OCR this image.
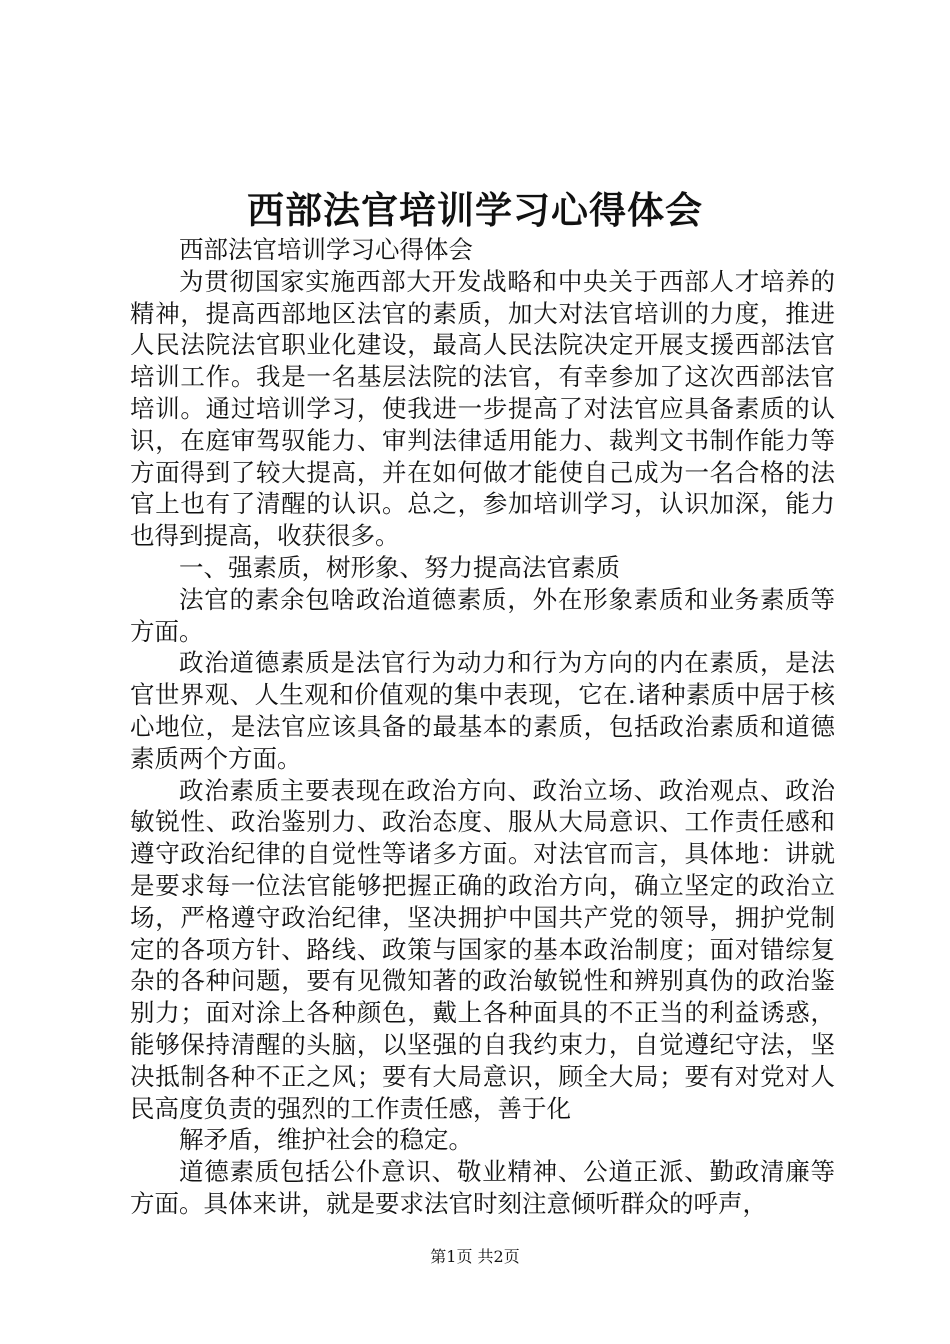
西部法官培训学习心得体会

西部法官培训学习心得体会

为贯彻国家实施西部大开发战略和中央关于西部人才培养的精神，提高西部地区法官的素质，加大对法官培训的力度，推进人民法院法官职业化建设，最高人民法院决定开展支援西部法官培训工作。我是一名基层法院的法官，有幸参加了这次西部法官培训。通过培训学习，使我进一步提高了对法官应具备素质的认识，在庭审驾驭能力、审判法律适用能力、裁判文书制作能力等方面得到了较大提高，并在如何做才能使自己成为一名合格的法官上也有了清醒的认识。总之，参加培训学习，认识加深，能力也得到提高，收获很多。

一、强素质，树形象、努力提高法官素质

法官的素余包啥政治道德素质，外在形象素质和业务素质等方面。

政治道德素质是法官行为动力和行为方向的内在素质，是法官世界观、人生观和价值观的集中表现，它在.诸种素质中居于核心地位，是法官应该具备的最基本的素质，包括政治素质和道德素质两个方面。

政治素质主要表现在政治方向、政治立场、政治观点、政治敏锐性、政治鉴别力、政治态度、服从大局意识、工作责任感和遵守政治纪律的自觉性等诸多方面。对法官而言，具体地：讲就是要求每一位法官能够把握正确的政治方向，确立坚定的政治立场，严格遵守政治纪律，坚决拥护中国共产党的领导，拥护党制定的各项方针、路线、政策与国家的基本政治制度；面对错综复杂的各种问题，要有见微知著的政治敏锐性和辨别真伪的政治鉴别力；面对涂上各种颜色，戴上各种面具的不正当的利益诱惑，能够保持清醒的头脑，以坚强的自我约束力，自觉遵纪守法，坚决抵制各种不正之风；要有大局意识，顾全大局；要有对党对人民高度负责的强烈的工作责任感，善于化

解矛盾，维护社会的稳定。

道德素质包括公仆意识、敬业精神、公道正派、勤政清廉等方面。具体来讲，就是要求法官时刻注意倾听群众的呼声，

第1页 共2页
